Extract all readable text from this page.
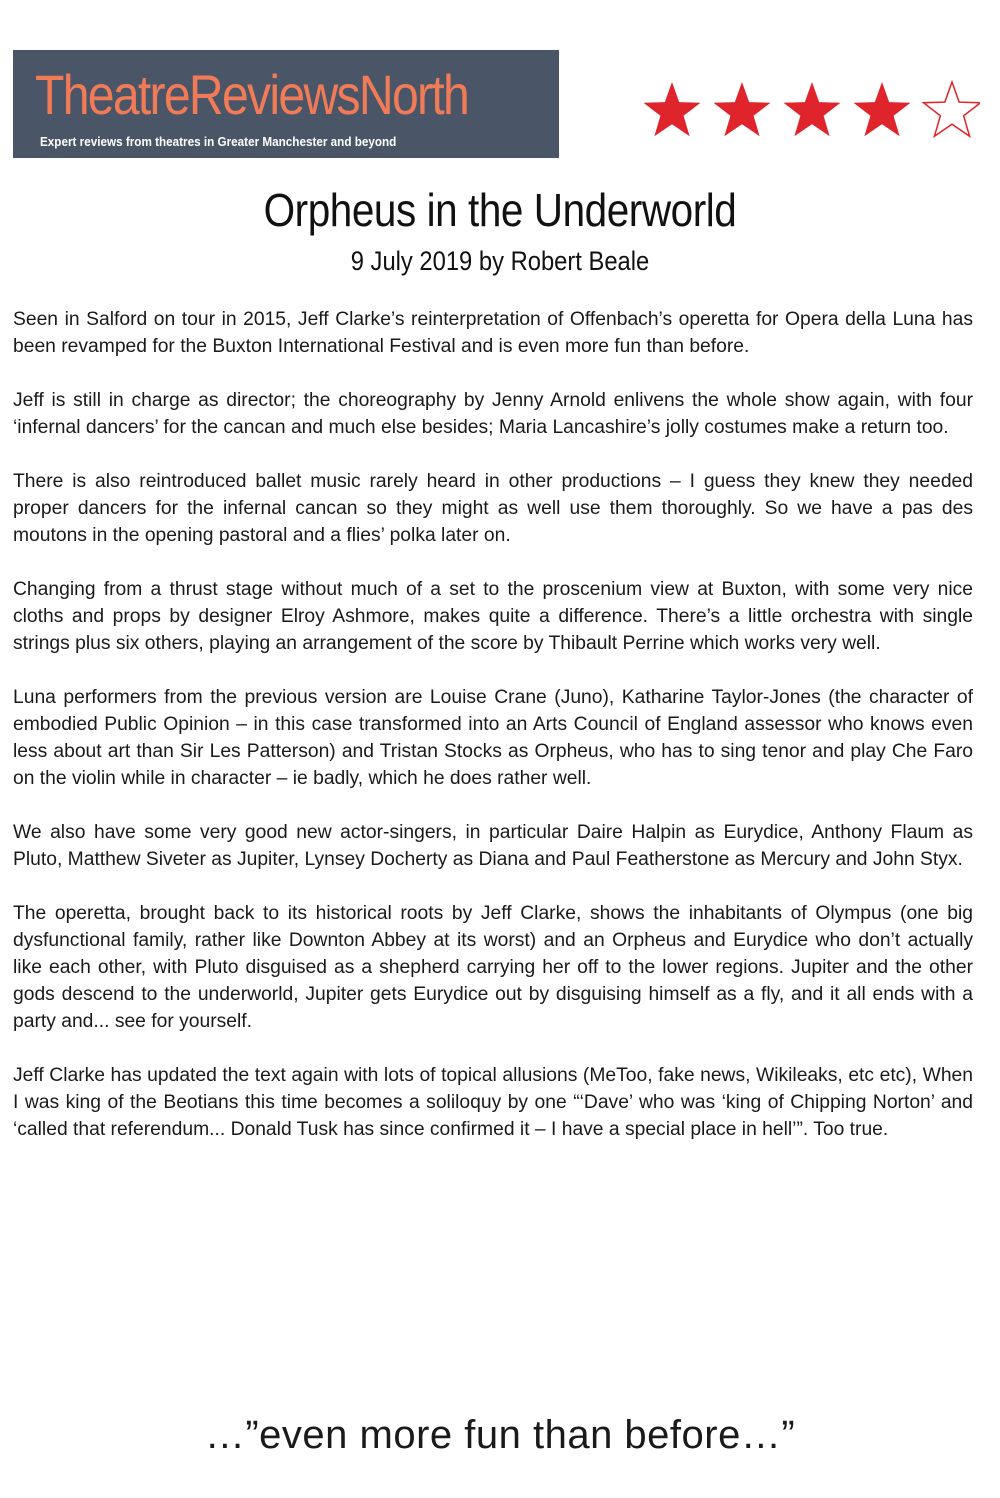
TheatreReviewsNorth
Expert reviews from theatres in Greater Manchester and beyond
Orpheus in the Underworld
9 July 2019 by Robert Beale

Seen in Salford on tour in 2015, Jeff Clarke’s reinterpretation of Offenbach’s operetta for Opera della Luna has been revamped for the Buxton International Festival and is even more fun than before.

Jeff is still in charge as director; the choreography by Jenny Arnold enlivens the whole show again, with four ‘infernal dancers’ for the cancan and much else besides; Maria Lancashire’s jolly costumes make a return too.

There is also reintroduced ballet music rarely heard in other productions – I guess they knew they needed proper dancers for the infernal cancan so they might as well use them thoroughly. So we have a pas des moutons in the opening pastoral and a flies’ polka later on.

Changing from a thrust stage without much of a set to the proscenium view at Buxton, with some very nice cloths and props by designer Elroy Ashmore, makes quite a difference. There’s a little orchestra with single strings plus six others, playing an arrangement of the score by Thibault Perrine which works very well.

Luna performers from the previous version are Louise Crane (Juno), Katharine Taylor-Jones (the character of embodied Public Opinion – in this case transformed into an Arts Council of England assessor who knows even less about art than Sir Les Patterson) and Tristan Stocks as Orpheus, who has to sing tenor and play Che Faro on the violin while in character – ie badly, which he does rather well.

We also have some very good new actor-singers, in particular Daire Halpin as Eurydice, Anthony Flaum as Pluto, Matthew Siveter as Jupiter, Lynsey Docherty as Diana and Paul Featherstone as Mercury and John Styx.

The operetta, brought back to its historical roots by Jeff Clarke, shows the inhabitants of Olympus (one big dysfunctional family, rather like Downton Abbey at its worst) and an Orpheus and Eurydice who don’t actually like each other, with Pluto disguised as a shepherd carrying her off to the lower regions. Jupiter and the other gods descend to the underworld, Jupiter gets Eurydice out by disguising himself as a fly, and it all ends with a party and... see for yourself.

Jeff Clarke has updated the text again with lots of topical allusions (MeToo, fake news, Wikileaks, etc etc), When I was king of the Beotians this time becomes a soliloquy by one “‘Dave’ who was ‘king of Chipping Norton’ and ‘called that referendum... Donald Tusk has since confirmed it – I have a special place in hell’”. Too true.

…”even more fun than before…”
